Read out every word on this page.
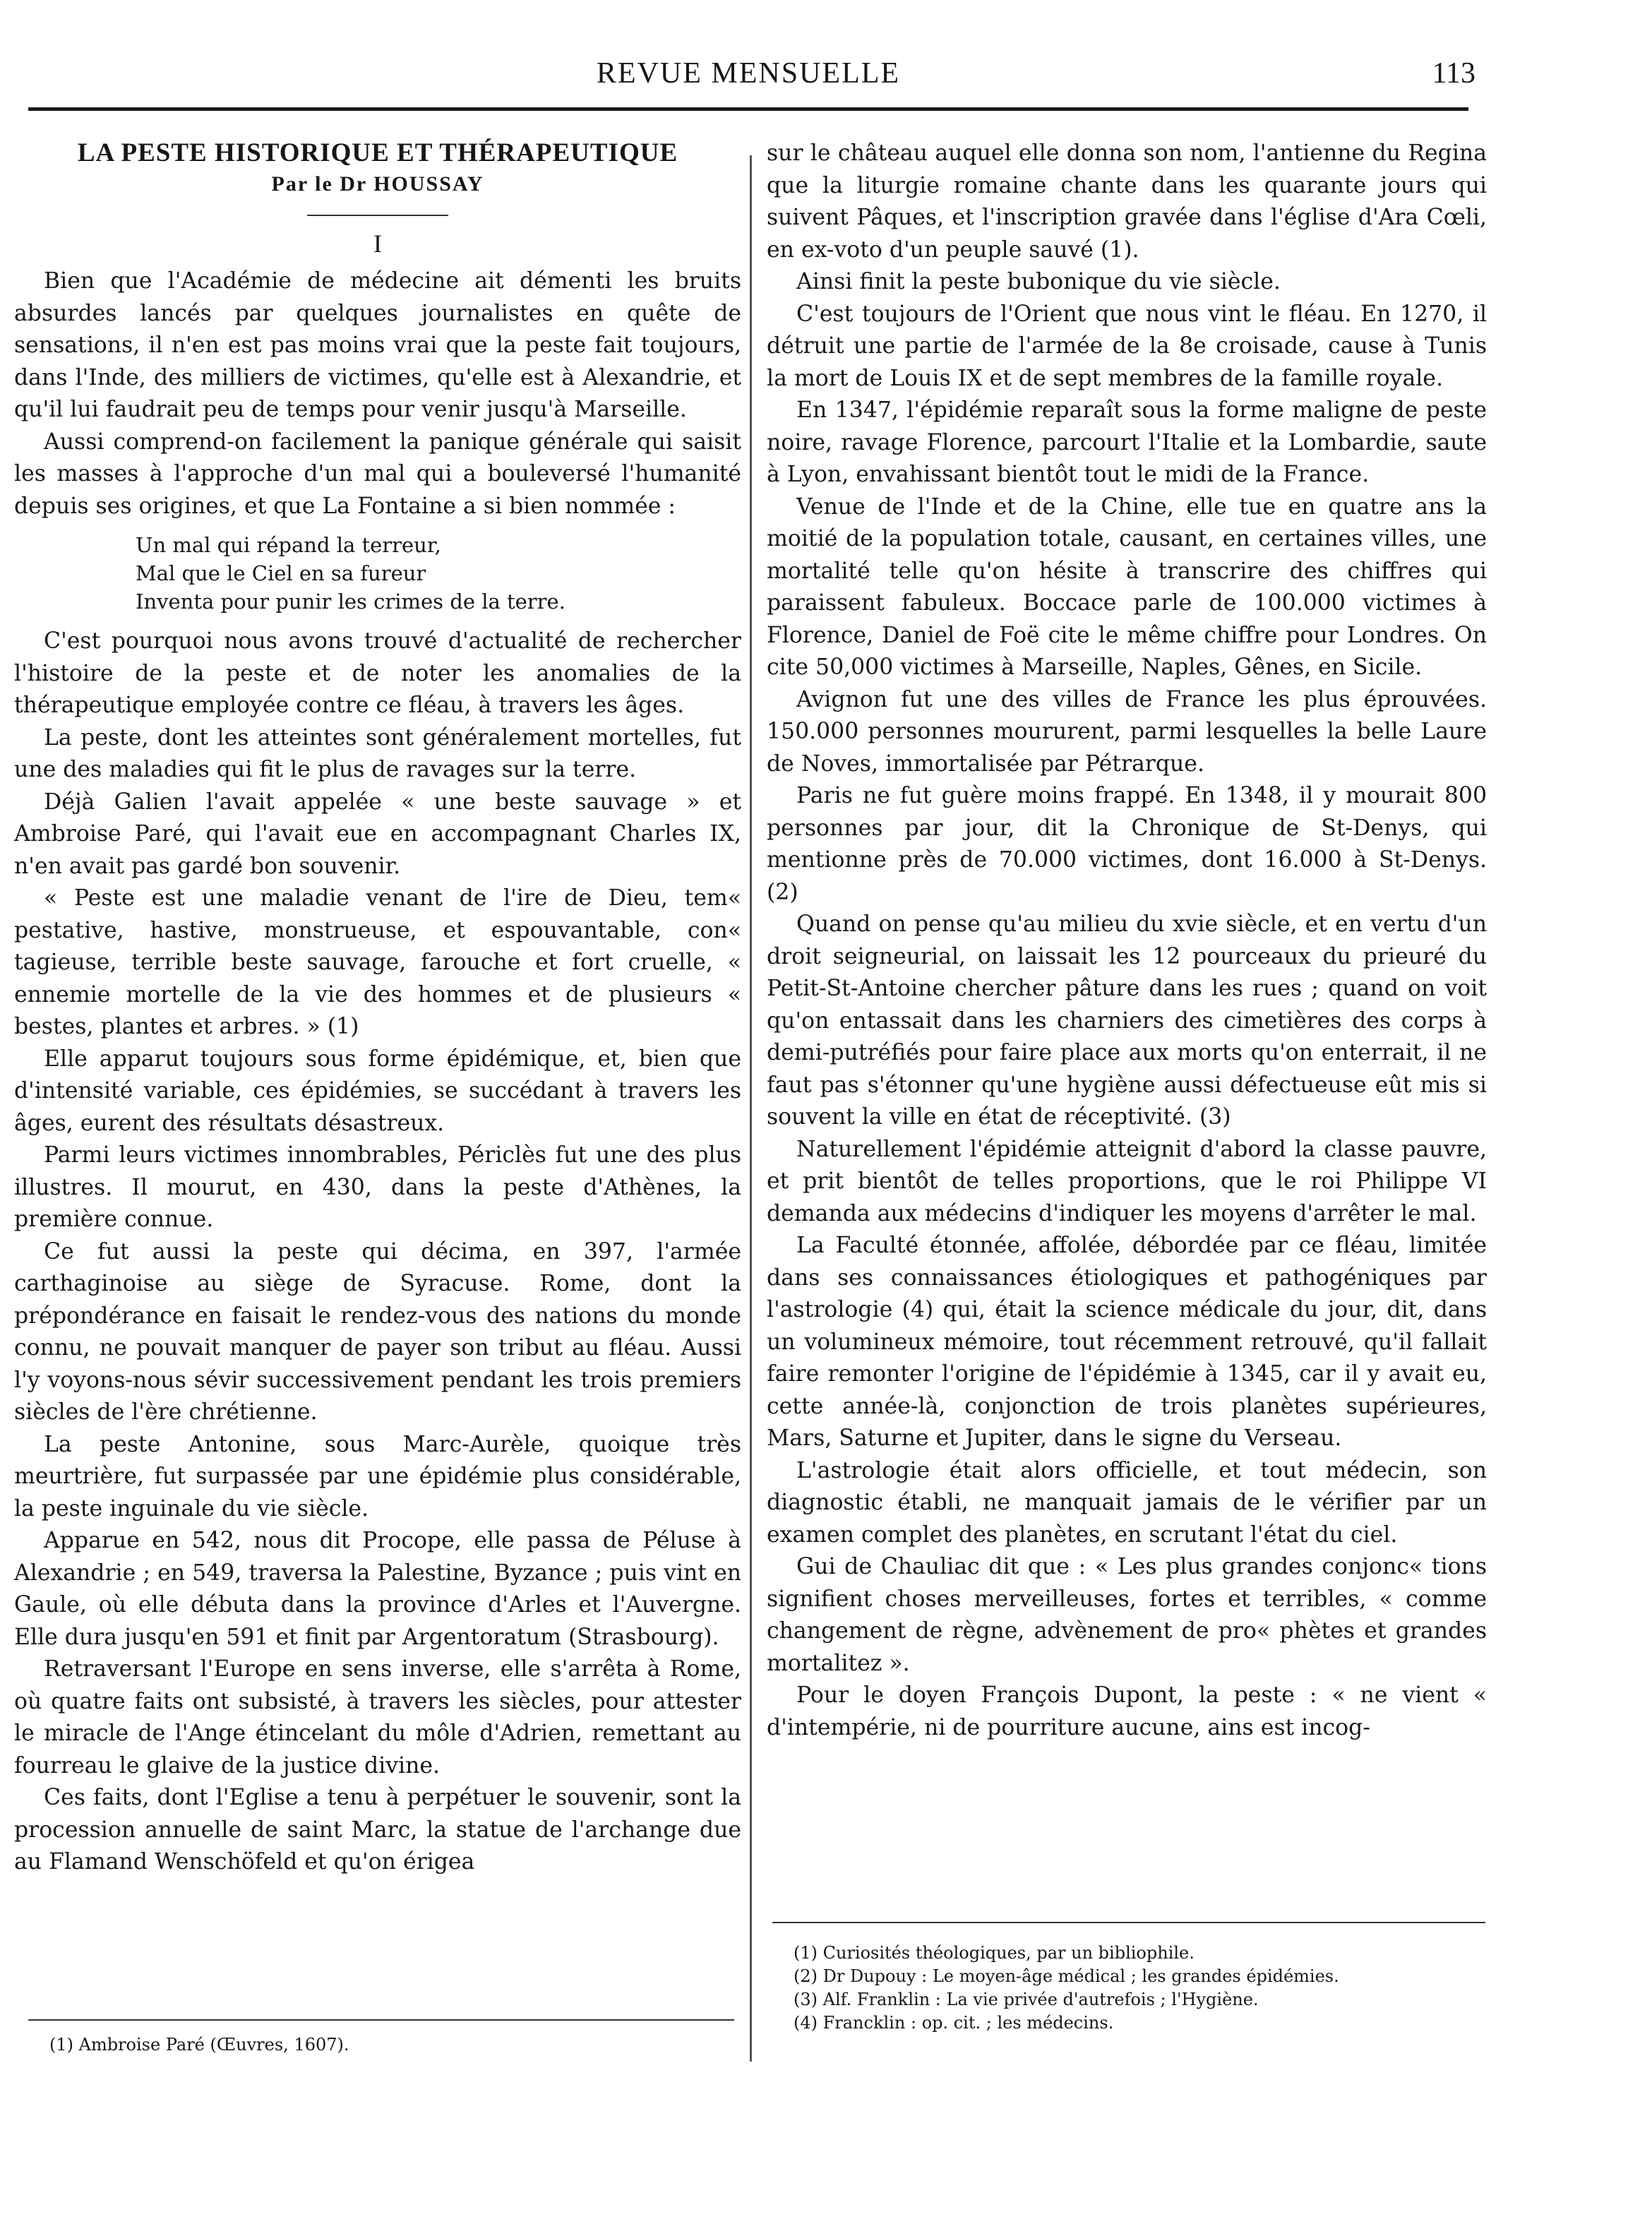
REVUE MENSUELLE	113
LA PESTE HISTORIQUE ET THÉRAPEUTIQUE
Par le Dr HOUSSAY
I

Bien que l'Académie de médecine ait démenti les bruits absurdes lancés par quelques journalistes en quête de sensations, il n'en est pas moins vrai que la peste fait toujours, dans l'Inde, des milliers de victimes, qu'elle est à Alexandrie, et qu'il lui faudrait peu de temps pour venir jusqu'à Marseille.

Aussi comprend-on facilement la panique générale qui saisit les masses à l'approche d'un mal qui a bouleversé l'humanité depuis ses origines, et que La Fontaine a si bien nommée :

Un mal qui répand la terreur,
Mal que le Ciel en sa fureur
Inventa pour punir les crimes de la terre.

C'est pourquoi nous avons trouvé d'actualité de rechercher l'histoire de la peste et de noter les anomalies de la thérapeutique employée contre ce fléau, à travers les âges.

La peste, dont les atteintes sont généralement mortelles, fut une des maladies qui fit le plus de ravages sur la terre.

Déjà Galien l'avait appelée « une beste sauvage » et Ambroise Paré, qui l'avait eue en accompagnant Charles IX, n'en avait pas gardé bon souvenir.

« Peste est une maladie venant de l'ire de Dieu, tem« pestative, hastive, monstrueuse, et espouvantable, con« tagieuse, terrible beste sauvage, farouche et fort cruelle, « ennemie mortelle de la vie des hommes et de plusieurs « bestes, plantes et arbres. » (1)

Elle apparut toujours sous forme épidémique, et, bien que d'intensité variable, ces épidémies, se succédant à travers les âges, eurent des résultats désastreux.

Parmi leurs victimes innombrables, Périclès fut une des plus illustres. Il mourut, en 430, dans la peste d'Athènes, la première connue.

Ce fut aussi la peste qui décima, en 397, l'armée carthaginoise au siège de Syracuse. Rome, dont la prépondérance en faisait le rendez-vous des nations du monde connu, ne pouvait manquer de payer son tribut au fléau. Aussi l'y voyons-nous sévir successivement pendant les trois premiers siècles de l'ère chrétienne.

La peste Antonine, sous Marc-Aurèle, quoique très meurtrière, fut surpassée par une épidémie plus considérable, la peste inguinale du vie siècle.

Apparue en 542, nous dit Procope, elle passa de Péluse à Alexandrie ; en 549, traversa la Palestine, Byzance ; puis vint en Gaule, où elle débuta dans la province d'Arles et l'Auvergne. Elle dura jusqu'en 591 et finit par Argentoratum (Strasbourg).

Retraversant l'Europe en sens inverse, elle s'arrêta à Rome, où quatre faits ont subsisté, à travers les siècles, pour attester le miracle de l'Ange étincelant du môle d'Adrien, remettant au fourreau le glaive de la justice divine.

Ces faits, dont l'Eglise a tenu à perpétuer le souvenir, sont la procession annuelle de saint Marc, la statue de l'archange due au Flamand Wenschöfeld et qu'on érigea

sur le château auquel elle donna son nom, l'antienne du Regina que la liturgie romaine chante dans les quarante jours qui suivent Pâques, et l'inscription gravée dans l'église d'Ara Cœli, en ex-voto d'un peuple sauvé (1).

Ainsi finit la peste bubonique du vie siècle.

C'est toujours de l'Orient que nous vint le fléau. En 1270, il détruit une partie de l'armée de la 8e croisade, cause à Tunis la mort de Louis IX et de sept membres de la famille royale.

En 1347, l'épidémie reparaît sous la forme maligne de peste noire, ravage Florence, parcourt l'Italie et la Lombardie, saute à Lyon, envahissant bientôt tout le midi de la France.

Venue de l'Inde et de la Chine, elle tue en quatre ans la moitié de la population totale, causant, en certaines villes, une mortalité telle qu'on hésite à transcrire des chiffres qui paraissent fabuleux. Boccace parle de 100.000 victimes à Florence, Daniel de Foë cite le même chiffre pour Londres. On cite 50,000 victimes à Marseille, Naples, Gênes, en Sicile.

Avignon fut une des villes de France les plus éprouvées. 150.000 personnes moururent, parmi lesquelles la belle Laure de Noves, immortalisée par Pétrarque.

Paris ne fut guère moins frappé. En 1348, il y mourait 800 personnes par jour, dit la Chronique de St-Denys, qui mentionne près de 70.000 victimes, dont 16.000 à St-Denys. (2)

Quand on pense qu'au milieu du xvie siècle, et en vertu d'un droit seigneurial, on laissait les 12 pourceaux du prieuré du Petit-St-Antoine chercher pâture dans les rues ; quand on voit qu'on entassait dans les charniers des cimetières des corps à demi-putréfiés pour faire place aux morts qu'on enterrait, il ne faut pas s'étonner qu'une hygiène aussi défectueuse eût mis si souvent la ville en état de réceptivité. (3)

Naturellement l'épidémie atteignit d'abord la classe pauvre, et prit bientôt de telles proportions, que le roi Philippe VI demanda aux médecins d'indiquer les moyens d'arrêter le mal.

La Faculté étonnée, affolée, débordée par ce fléau, limitée dans ses connaissances étiologiques et pathogéniques par l'astrologie (4) qui, était la science médicale du jour, dit, dans un volumineux mémoire, tout récemment retrouvé, qu'il fallait faire remonter l'origine de l'épidémie à 1345, car il y avait eu, cette année-là, conjonction de trois planètes supérieures, Mars, Saturne et Jupiter, dans le signe du Verseau.

L'astrologie était alors officielle, et tout médecin, son diagnostic établi, ne manquait jamais de le vérifier par un examen complet des planètes, en scrutant l'état du ciel.

Gui de Chauliac dit que : « Les plus grandes conjonc« tions signifient choses merveilleuses, fortes et terribles, « comme changement de règne, advènement de pro« phètes et grandes mortalitez ».

Pour le doyen François Dupont, la peste : « ne vient « d'intempérie, ni de pourriture aucune, ains est incog-

(1) Ambroise Paré (Œuvres, 1607).

(1) Curiosités théologiques, par un bibliophile.

(2) Dr Dupouy : Le moyen-âge médical ; les grandes épidémies.

(3) Alf. Franklin : La vie privée d'autrefois ; l'Hygiène.

(4) Francklin : op. cit. ; les médecins.
